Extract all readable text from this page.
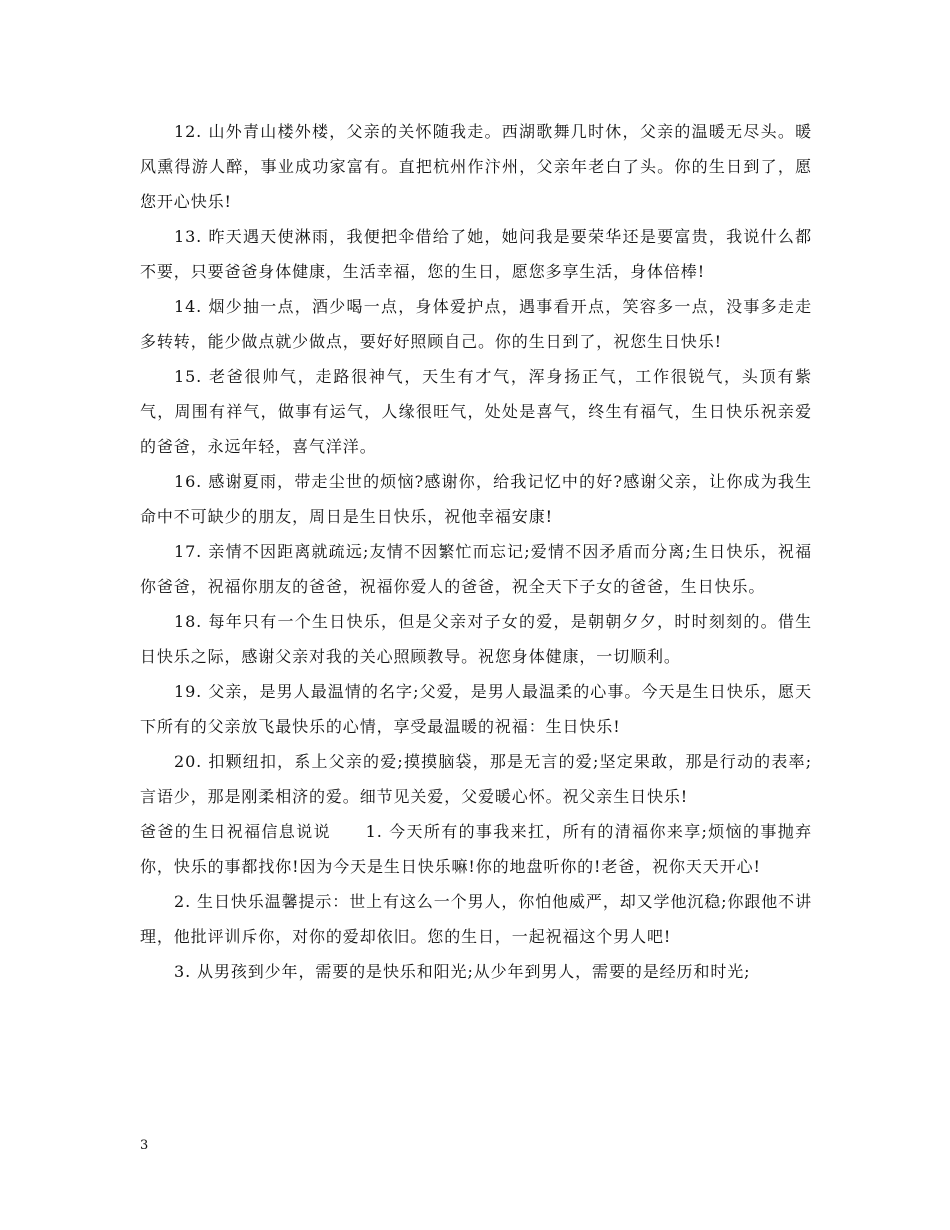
12. 山外青山楼外楼，父亲的关怀随我走。西湖歌舞几时休，父亲的温暖无尽头。暖风熏得游人醉，事业成功家富有。直把杭州作汴州，父亲年老白了头。你的生日到了，愿您开心快乐!

13. 昨天遇天使淋雨，我便把伞借给了她，她问我是要荣华还是要富贵，我说什么都不要，只要爸爸身体健康，生活幸福，您的生日，愿您多享生活，身体倍棒!

14. 烟少抽一点，酒少喝一点，身体爱护点，遇事看开点，笑容多一点，没事多走走多转转，能少做点就少做点，要好好照顾自己。你的生日到了，祝您生日快乐!

15. 老爸很帅气，走路很神气，天生有才气，浑身扬正气，工作很锐气，头顶有紫气，周围有祥气，做事有运气，人缘很旺气，处处是喜气，终生有福气，生日快乐祝亲爱的爸爸，永远年轻，喜气洋洋。

16. 感谢夏雨，带走尘世的烦恼?感谢你，给我记忆中的好?感谢父亲，让你成为我生命中不可缺少的朋友，周日是生日快乐，祝他幸福安康!

17. 亲情不因距离就疏远;友情不因繁忙而忘记;爱情不因矛盾而分离;生日快乐，祝福你爸爸，祝福你朋友的爸爸，祝福你爱人的爸爸，祝全天下子女的爸爸，生日快乐。

18. 每年只有一个生日快乐，但是父亲对子女的爱，是朝朝夕夕，时时刻刻的。借生日快乐之际，感谢父亲对我的关心照顾教导。祝您身体健康，一切顺利。

19. 父亲，是男人最温情的名字;父爱，是男人最温柔的心事。今天是生日快乐，愿天下所有的父亲放飞最快乐的心情，享受最温暖的祝福：生日快乐!

20. 扣颗纽扣，系上父亲的爱;摸摸脑袋，那是无言的爱;坚定果敢，那是行动的表率;言语少，那是刚柔相济的爱。细节见关爱，父爱暖心怀。祝父亲生日快乐!

爸爸的生日祝福信息说说　　1. 今天所有的事我来扛，所有的清福你来享;烦恼的事抛弃你，快乐的事都找你!因为今天是生日快乐嘛!你的地盘听你的!老爸，祝你天天开心!

2. 生日快乐温馨提示：世上有这么一个男人，你怕他威严，却又学他沉稳;你跟他不讲理，他批评训斥你，对你的爱却依旧。您的生日，一起祝福这个男人吧!

3. 从男孩到少年，需要的是快乐和阳光;从少年到男人，需要的是经历和时光;

3
